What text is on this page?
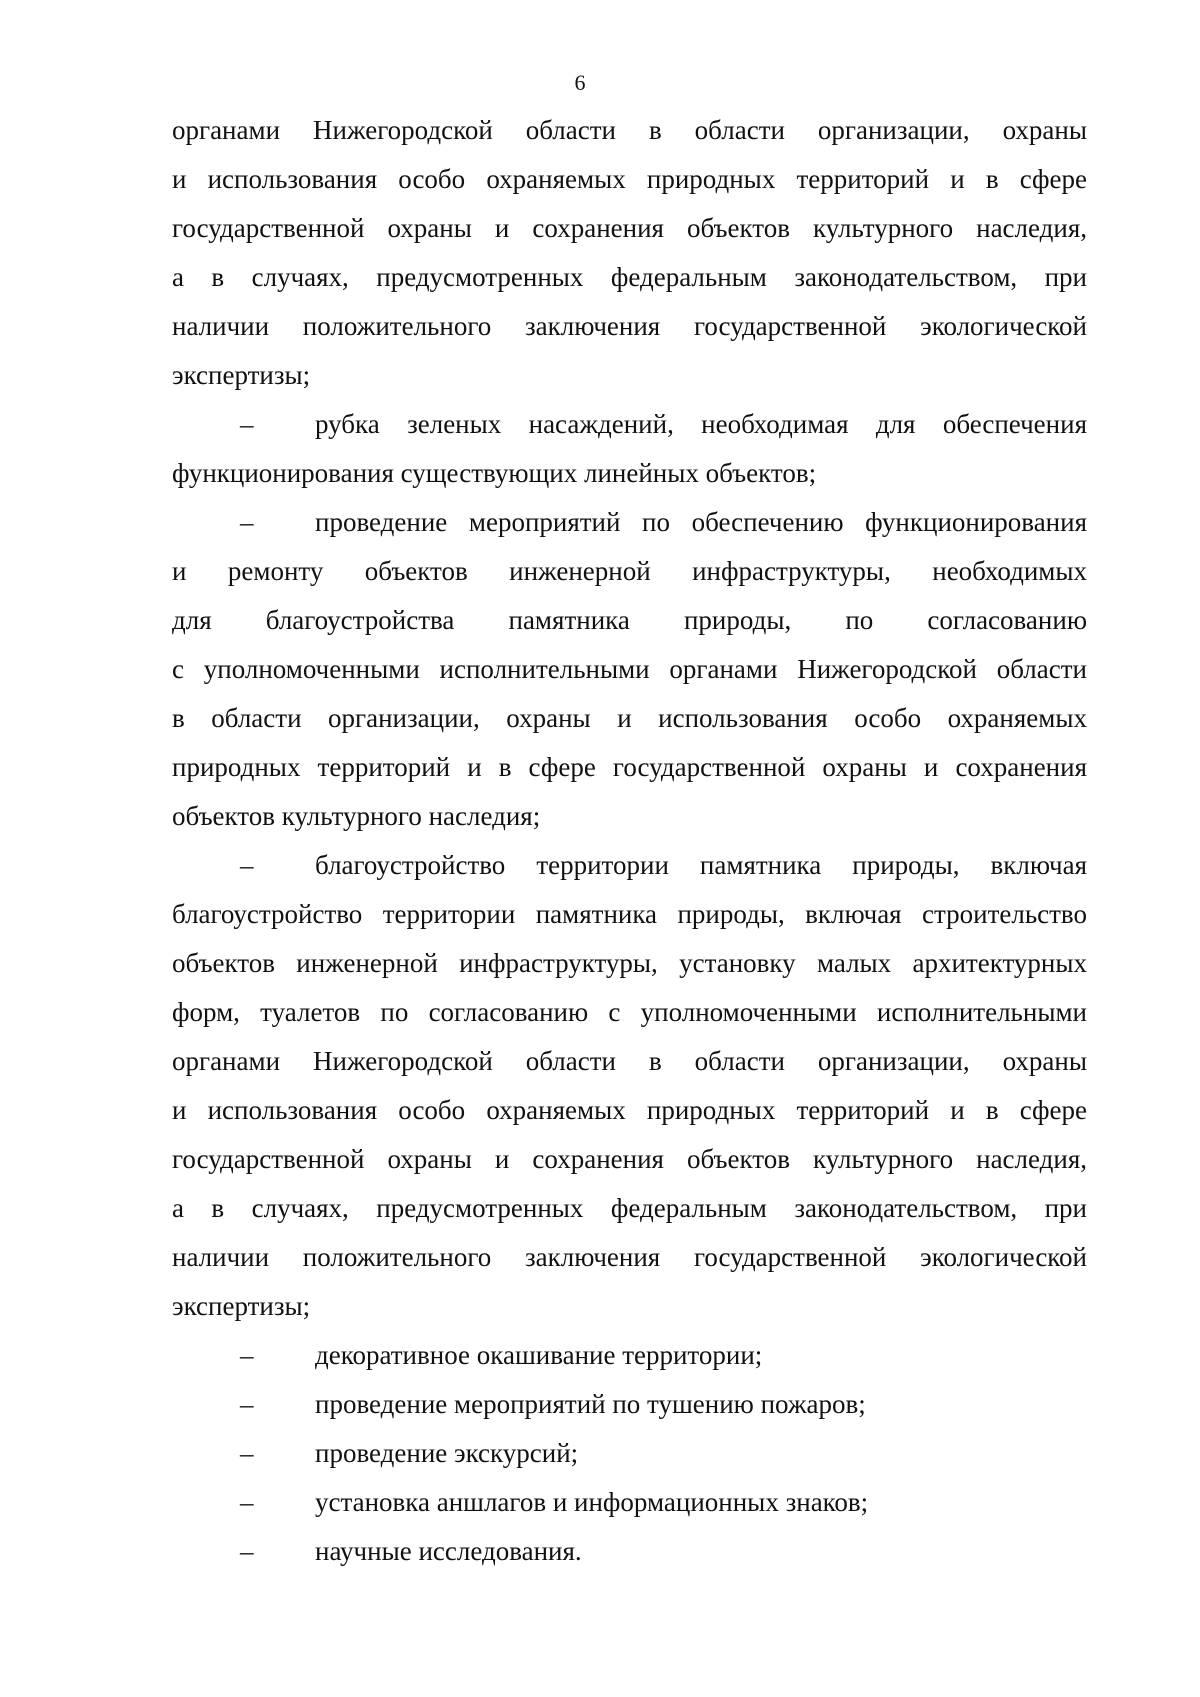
6
органами Нижегородской области в области организации, охраны
и использования особо охраняемых природных территорий и в сфере
государственной охраны и сохранения объектов культурного наследия,
а в случаях, предусмотренных федеральным законодательством, при
наличии положительного заключения государственной экологической
экспертизы;
– рубка зеленых насаждений, необходимая для обеспечения
функционирования существующих линейных объектов;
– проведение мероприятий по обеспечению функционирования
и ремонту объектов инженерной инфраструктуры, необходимых
для благоустройства памятника природы, по согласованию
с уполномоченными исполнительными органами Нижегородской области
в области организации, охраны и использования особо охраняемых
природных территорий и в сфере государственной охраны и сохранения
объектов культурного наследия;
– благоустройство территории памятника природы, включая
благоустройство территории памятника природы, включая строительство
объектов инженерной инфраструктуры, установку малых архитектурных
форм, туалетов по согласованию с уполномоченными исполнительными
органами Нижегородской области в области организации, охраны
и использования особо охраняемых природных территорий и в сфере
государственной охраны и сохранения объектов культурного наследия,
а в случаях, предусмотренных федеральным законодательством, при
наличии положительного заключения государственной экологической
экспертизы;
– декоративное окашивание территории;
– проведение мероприятий по тушению пожаров;
– проведение экскурсий;
– установка аншлагов и информационных знаков;
– научные исследования.
